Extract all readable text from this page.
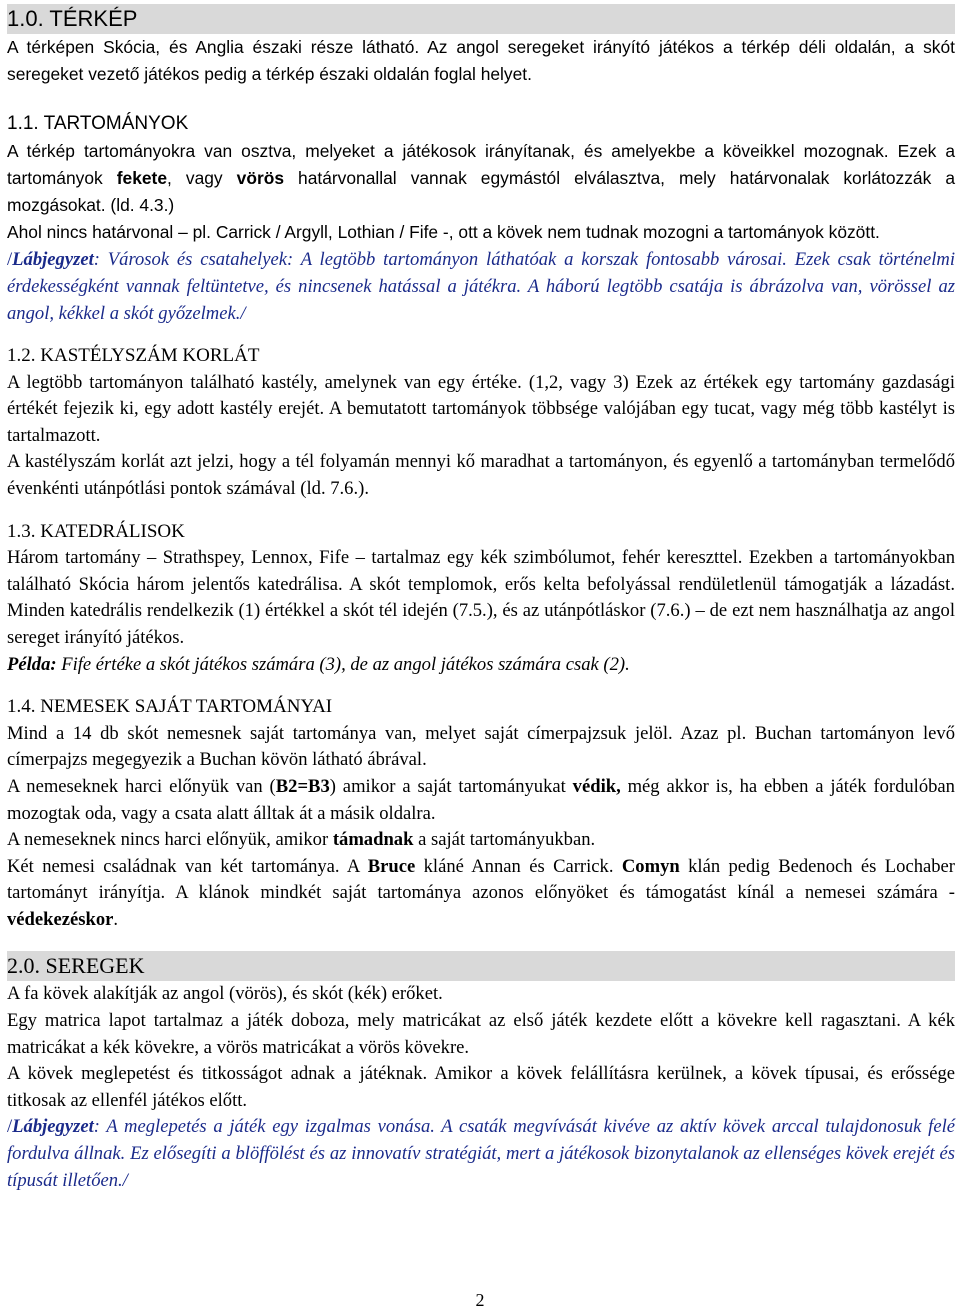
1.0. TÉRKÉP

A térképen Skócia, és Anglia északi része látható. Az angol seregeket irányító játékos a térkép déli oldalán, a skót seregeket vezető játékos pedig a térkép északi oldalán foglal helyet.

1.1. TARTOMÁNYOK

A térkép tartományokra van osztva, melyeket a játékosok irányítanak, és amelyekbe a köveikkel mozognak. Ezek a tartományok fekete, vagy vörös határvonallal vannak egymástól elválasztva, mely határvonalak korlátozzák a mozgásokat. (ld. 4.3.)

Ahol nincs határvonal – pl. Carrick / Argyll, Lothian / Fife -, ott a kövek nem tudnak mozogni a tartományok között.

/Lábjegyzet: Városok és csatahelyek: A legtöbb tartományon láthatóak a korszak fontosabb városai. Ezek csak történelmi érdekességként vannak feltüntetve, és nincsenek hatással a játékra. A háború legtöbb csatája is ábrázolva van, vörössel az angol, kékkel a skót győzelmek./

1.2. KASTÉLYSZÁM KORLÁT

A legtöbb tartományon található kastély, amelynek van egy értéke. (1,2, vagy 3) Ezek az értékek egy tartomány gazdasági értékét fejezik ki, egy adott kastély erejét. A bemutatott tartományok többsége valójában egy tucat, vagy még több kastélyt is tartalmazott.

A kastélyszám korlát azt jelzi, hogy a tél folyamán mennyi kő maradhat a tartományon, és egyenlő a tartományban termelődő évenkénti utánpótlási pontok számával (ld. 7.6.).

1.3. KATEDRÁLISOK

Három tartomány – Strathspey, Lennox, Fife – tartalmaz egy kék szimbólumot, fehér kereszttel. Ezekben a tartományokban található Skócia három jelentős katedrálisa. A skót templomok, erős kelta befolyással rendületlenül támogatják a lázadást. Minden katedrális rendelkezik (1) értékkel a skót tél idején (7.5.), és az utánpótláskor (7.6.) – de ezt nem használhatja az angol sereget irányító játékos.

Példa: Fife értéke a skót játékos számára (3), de az angol játékos számára csak (2).

1.4. NEMESEK SAJÁT TARTOMÁNYAI

Mind a 14 db skót nemesnek saját tartománya van, melyet saját címerpajzsuk jelöl. Azaz pl. Buchan tartományon levő címerpajzs megegyezik a Buchan kövön látható ábrával.

A nemeseknek harci előnyük van (B2=B3) amikor a saját tartományukat védik, még akkor is, ha ebben a játék fordulóban mozogtak oda, vagy a csata alatt álltak át a másik oldalra.

A nemeseknek nincs harci előnyük, amikor támadnak a saját tartományukban.

Két nemesi családnak van két tartománya. A Bruce kláné Annan és Carrick. Comyn klán pedig Bedenoch és Lochaber tartományt irányítja. A klánok mindkét saját tartománya azonos előnyöket és támogatást kínál a nemesei számára - védekezéskor.

2.0. SEREGEK

A fa kövek alakítják az angol (vörös), és skót (kék) erőket.

Egy matrica lapot tartalmaz a játék doboza, mely matricákat az első játék kezdete előtt a kövekre kell ragasztani. A kék matricákat a kék kövekre, a vörös matricákat a vörös kövekre.

A kövek meglepetést és titkosságot adnak a játéknak. Amikor a kövek felállításra kerülnek, a kövek típusai, és erőssége titkosak az ellenfél játékos előtt.

/Lábjegyzet: A meglepetés a játék egy izgalmas vonása. A csaták megvívását kivéve az aktív kövek arccal tulajdonosuk felé fordulva állnak. Ez elősegíti a blöffölést és az innovatív stratégiát, mert a játékosok bizonytalanok az ellenséges kövek erejét és típusát illetően./

2
